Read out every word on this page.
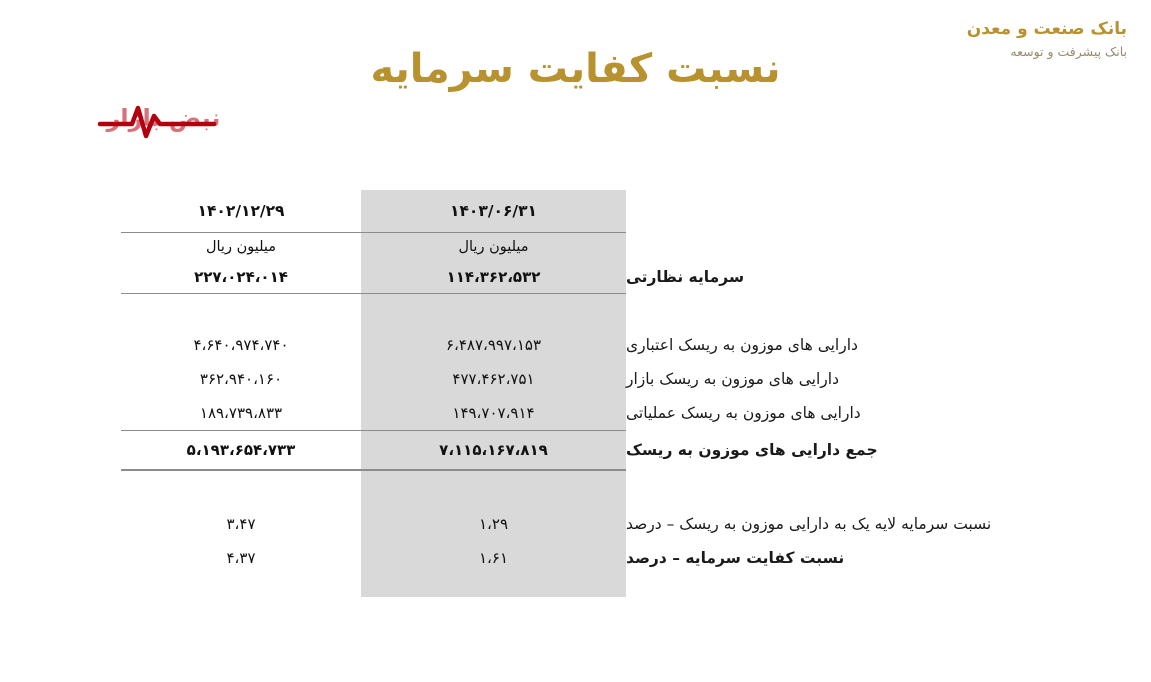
بانک صنعت و معدن
بانک پیشرفت و توسعه
نسبت کفایت سرمایه
نبض بازار
	۱۴۰۳/۰۶/۳۱	۱۴۰۲/۱۲/۲۹
	میلیون ریال	میلیون ریال
سرمایه نظارتی	۱۱۴،۳۶۲،۵۳۲	۲۲۷،۰۲۴،۰۱۴

دارایی های موزون به ریسک اعتباری	۶،۴۸۷،۹۹۷،۱۵۳	۴،۶۴۰،۹۷۴،۷۴۰
دارایی های موزون به ریسک بازار	۴۷۷،۴۶۲،۷۵۱	۳۶۲،۹۴۰،۱۶۰
دارایی های موزون به ریسک عملیاتی	۱۴۹،۷۰۷،۹۱۴	۱۸۹،۷۳۹،۸۳۳
جمع دارایی های موزون به ریسک	۷،۱۱۵،۱۶۷،۸۱۹	۵،۱۹۳،۶۵۴،۷۳۳

نسبت سرمایه لایه یک به دارایی موزون به ریسک – درصد	۱،۲۹	۳،۴۷
نسبت کفایت سرمایه – درصد	۱،۶۱	۴،۳۷
